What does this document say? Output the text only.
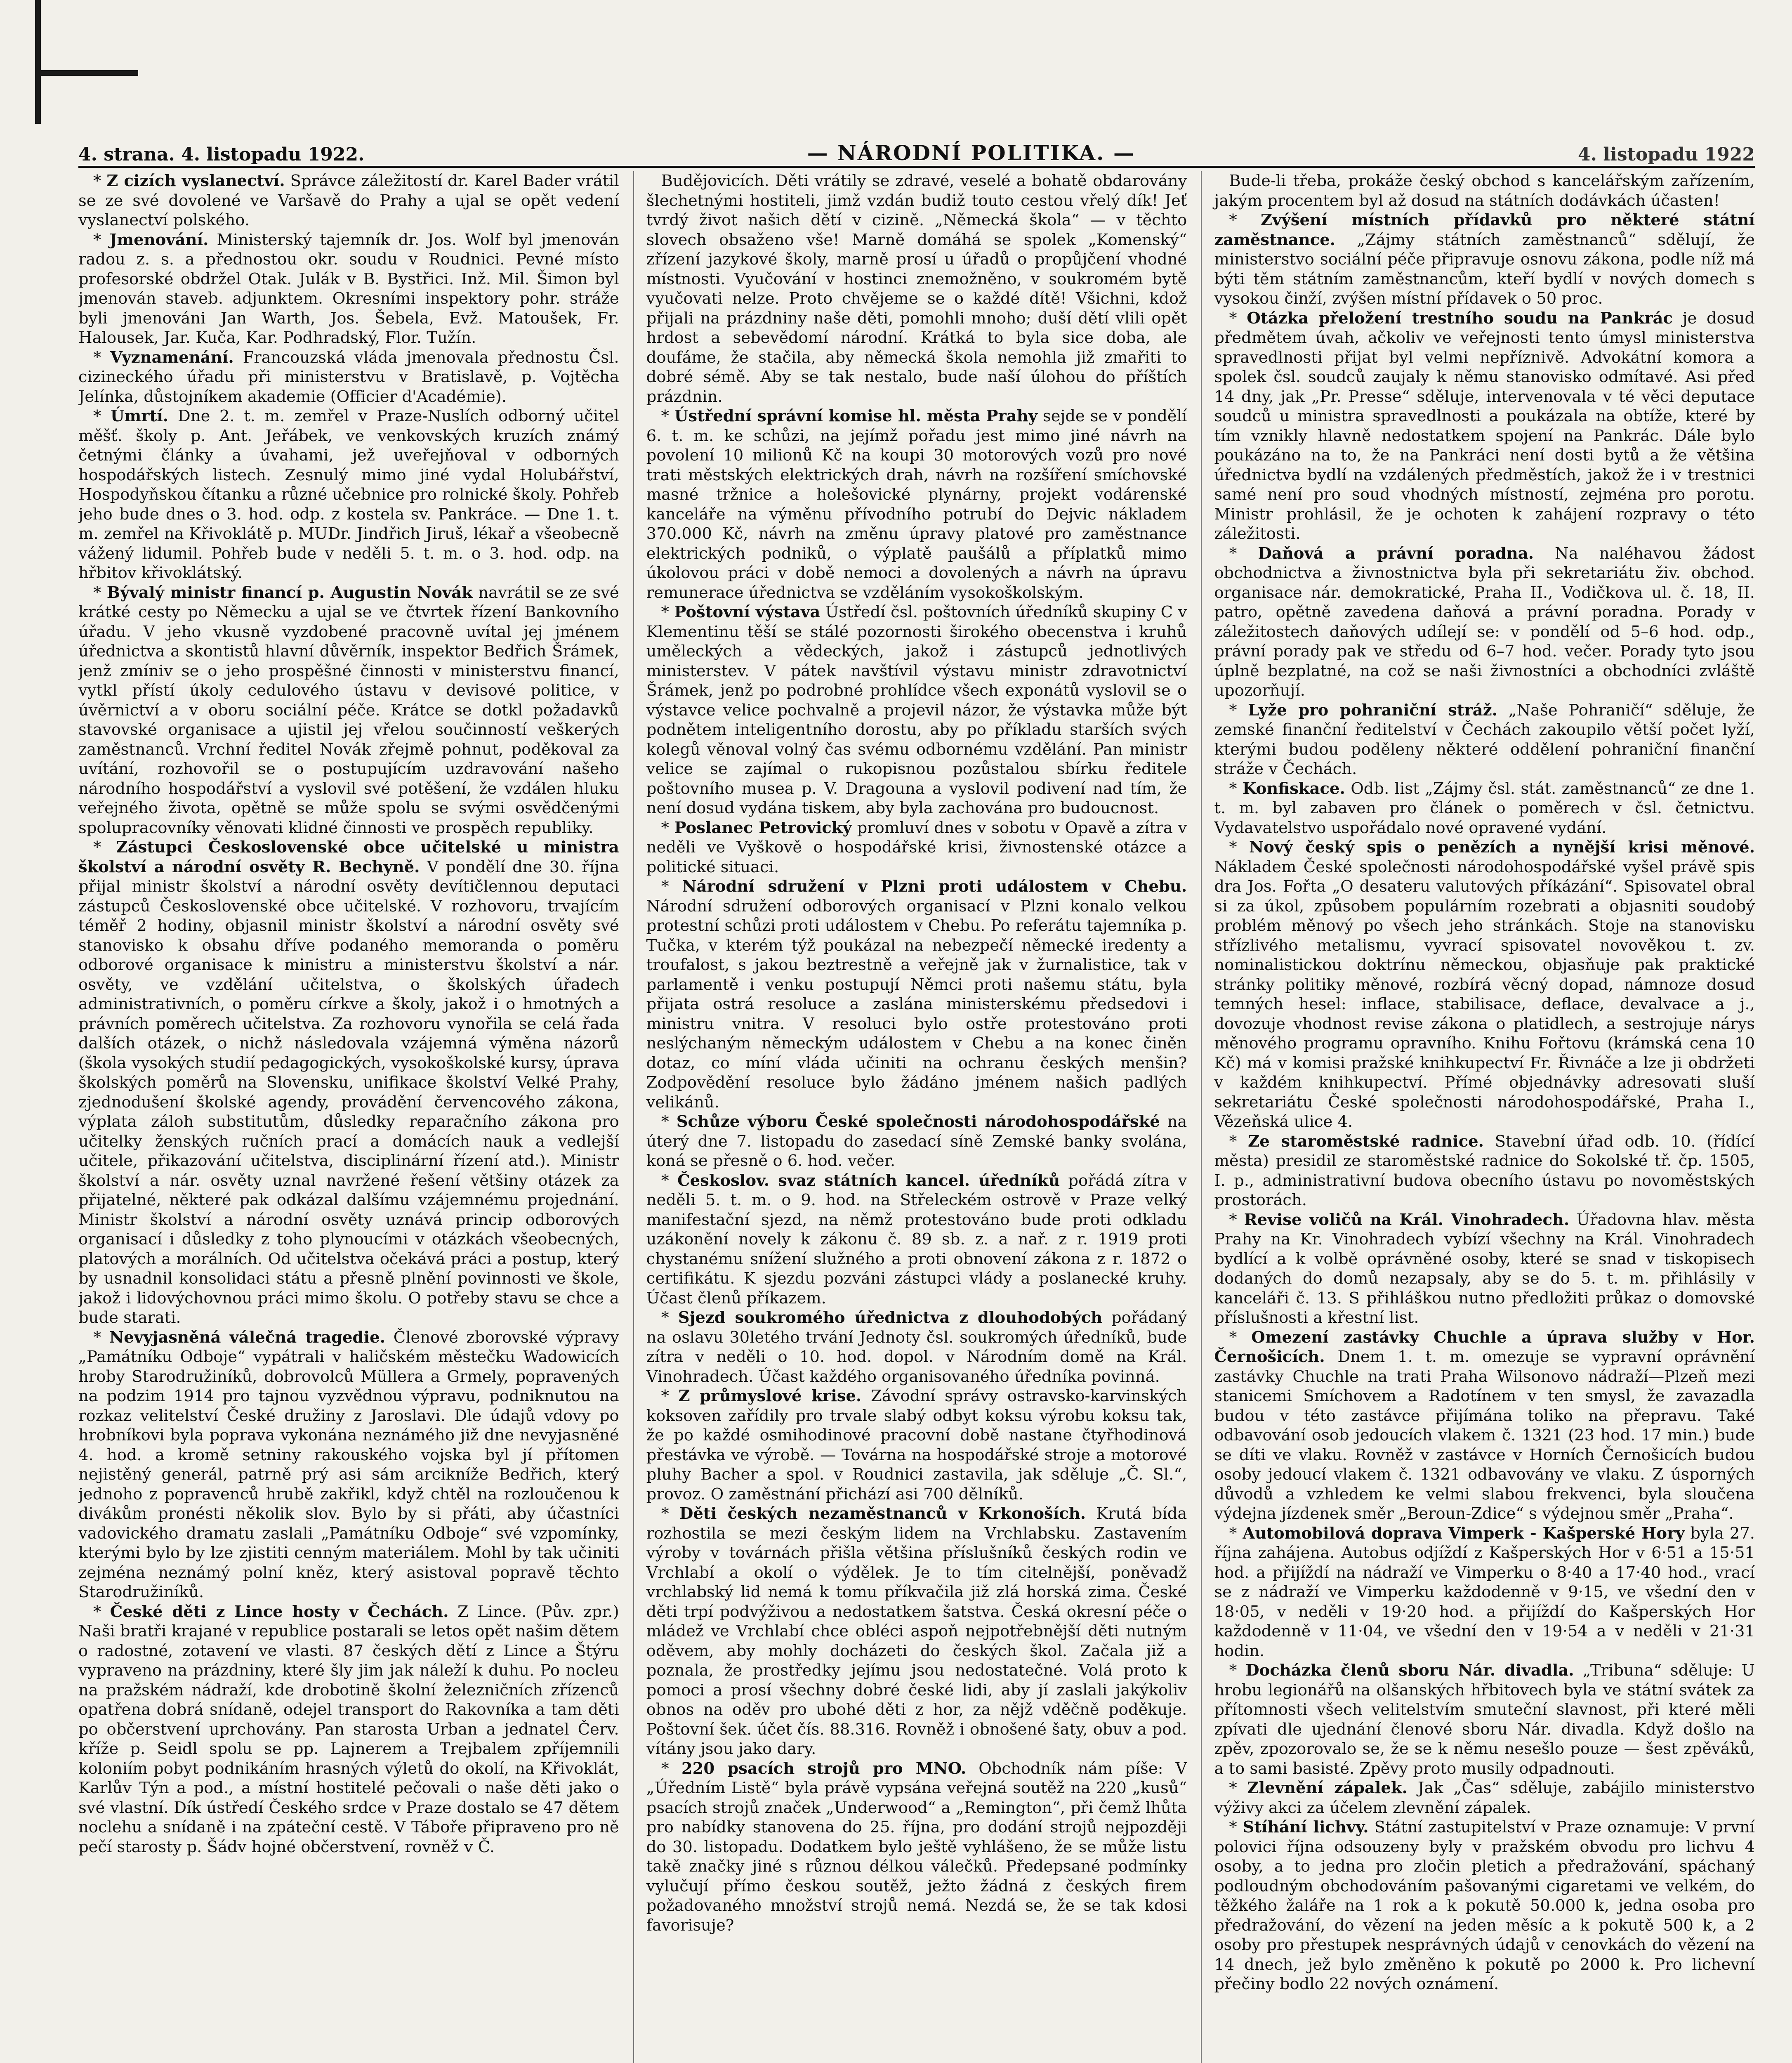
4. strana. 4. listopadu 1922.	— NÁRODNÍ POLITIKA. —	4. listopadu 1922

* Z cizích vyslanectví. Správce záležitostí dr. Karel Bader vrátil se ze své dovolené ve Varšavě do Prahy a ujal se opět vedení vyslanectví polského.

* Jmenování. Ministerský tajemník dr. Jos. Wolf byl jmenován radou z. s. a přednostou okr. soudu v Roudnici. Pevné místo profesorské obdržel Otak. Julák v B. Bystřici. Inž. Mil. Šimon byl jmenován staveb. adjunktem. Okresními inspektory pohr. stráže byli jmenováni Jan Warth, Jos. Šebela, Evž. Matoušek, Fr. Halousek, Jar. Kuča, Kar. Podhradský, Flor. Tužín.

* Vyznamenání. Francouzská vláda jmenovala přednostu Čsl. cizineckého úřadu při ministerstvu v Bratislavě, p. Vojtěcha Jelínka, důstojníkem akademie (Officier d'Académie).

* Úmrtí. Dne 2. t. m. zemřel v Praze-Nuslích odborný učitel měšť. školy p. Ant. Jeřábek, ve venkovských kruzích známý četnými články a úvahami, jež uveřejňoval v odborných hospodářských listech. Zesnulý mimo jiné vydal Holubářství, Hospodyňskou čítanku a různé učebnice pro rolnické školy. Pohřeb jeho bude dnes o 3. hod. odp. z kostela sv. Pankráce. — Dne 1. t. m. zemřel na Křivoklátě p. MUDr. Jindřich Jiruš, lékař a všeobecně vážený lidumil. Pohřeb bude v neděli 5. t. m. o 3. hod. odp. na hřbitov křivoklátský.

* Bývalý ministr financí p. Augustin Novák navrátil se ze své krátké cesty po Německu a ujal se ve čtvrtek řízení Bankovního úřadu. V jeho vkusně vyzdobené pracovně uvítal jej jménem úřednictva a skontistů hlavní důvěrník, inspektor Bedřich Šrámek, jenž zmíniv se o jeho prospěšné činnosti v ministerstvu financí, vytkl přístí úkoly cedulového ústavu v devisové politice, v úvěrnictví a v oboru sociální péče. Krátce se dotkl požadavků stavovské organisace a ujistil jej vřelou součinností veškerých zaměstnanců. Vrchní ředitel Novák zřejmě pohnut, poděkoval za uvítání, rozhovořil se o postupujícím uzdravování našeho národního hospodářství a vyslovil své potěšení, že vzdálen hluku veřejného života, opětně se může spolu se svými osvědčenými spolupracovníky věnovati klidné činnosti ve prospěch republiky.

* Zástupci Československé obce učitelské u ministra školství a národní osvěty R. Bechyně. V pondělí dne 30. října přijal ministr školství a národní osvěty devítičlennou deputaci zástupců Československé obce učitelské. V rozhovoru, trvajícím téměř 2 hodiny, objasnil ministr školství a národní osvěty své stanovisko k obsahu dříve podaného memoranda o poměru odborové organisace k ministru a ministerstvu školství a nár. osvěty, ve vzdělání učitelstva, o školských úřadech administrativních, o poměru církve a školy, jakož i o hmotných a právních poměrech učitelstva. Za rozhovoru vynořila se celá řada dalších otázek, o nichž následovala vzájemná výměna názorů (škola vysokých studií pedagogických, vysokoškolské kursy, úprava školských poměrů na Slovensku, unifikace školství Velké Prahy, zjednodušení školské agendy, provádění červencového zákona, výplata záloh substitutům, důsledky reparačního zákona pro učitelky ženských ručních prací a domácích nauk a vedlejší učitele, přikazování učitelstva, disciplinární řízení atd.). Ministr školství a nár. osvěty uznal navržené řešení většiny otázek za přijatelné, některé pak odkázal dalšímu vzájemnému projednání. Ministr školství a národní osvěty uznává princip odborových organisací i důsledky z toho plynoucími v otázkách všeobecných, platových a morálních. Od učitelstva očekává práci a postup, který by usnadnil konsolidaci státu a přesně plnění povinnosti ve škole, jakož i lidovýchovnou práci mimo školu. O potřeby stavu se chce a bude starati.

* Nevyjasněná válečná tragedie. Členové zborovské výpravy „Památníku Odboje“ vypátrali v haličském městečku Wadowicích hroby Starodružiníků, dobrovolců Müllera a Grmely, popravených na podzim 1914 pro tajnou vyzvědnou výpravu, podniknutou na rozkaz velitelství České družiny z Jaroslavi. Dle údajů vdovy po hrobníkovi byla poprava vykonána neznámého již dne nevyjasněné 4. hod. a kromě setniny rakouského vojska byl jí přítomen nejistěný generál, patrně prý asi sám arcikníže Bedřich, který jednoho z popravenců hrubě zakřikl, když chtěl na rozloučenou k divákům pronésti několik slov. Bylo by si přáti, aby účastníci vadovického dramatu zaslali „Památníku Odboje“ své vzpomínky, kterými bylo by lze zjistiti cenným materiálem. Mohl by tak učiniti zejména neznámý polní kněz, který asistoval popravě těchto Starodružiníků.

* České děti z Lince hosty v Čechách. Z Lince. (Pův. zpr.) Naši bratři krajané v republice postarali se letos opět našim dětem o radostné, zotavení ve vlasti. 87 českých dětí z Lince a Štýru vypraveno na prázdniny, které šly jim jak náleží k duhu. Po nocleu na pražském nádraží, kde drobotině školní železničních zřízenců opatřena dobrá snídaně, odejel transport do Rakovníka a tam děti po občerstvení uprchovány. Pan starosta Urban a jednatel Červ. kříže p. Seidl spolu se pp. Lajnerem a Trejbalem zpříjemnili koloniím pobyt podnikáním hrasných výletů do okolí, na Křivoklát, Karlův Týn a pod., a místní hostitelé pečovali o naše děti jako o své vlastní. Dík ústředí Českého srdce v Praze dostalo se 47 dětem noclehu a snídaně i na zpáteční cestě. V Táboře připraveno pro ně pečí starosty p. Šádv hojné občerstvení, rovněž v Č.

Budějovicích. Děti vrátily se zdravé, veselé a bohatě obdarovány šlechetnými hostiteli, jimž vzdán budiž touto cestou vřelý dík! Jeť tvrdý život našich dětí v cizině. „Německá škola“ — v těchto slovech obsaženo vše! Marně domáhá se spolek „Komenský“ zřízení jazykové školy, marně prosí u úřadů o propůjčení vhodné místnosti. Vyučování v hostinci znemožněno, v soukromém bytě vyučovati nelze. Proto chvějeme se o každé dítě! Všichni, kdož přijali na prázdniny naše děti, pomohli mnoho; duší dětí vlili opět hrdost a sebevědomí národní. Krátká to byla sice doba, ale doufáme, že stačila, aby německá škola nemohla již zmařiti to dobré sémě. Aby se tak nestalo, bude naší úlohou do příštích prázdnin.

* Ústřední správní komise hl. města Prahy sejde se v pondělí 6. t. m. ke schůzi, na jejímž pořadu jest mimo jiné návrh na povolení 10 milionů Kč na koupi 30 motorových vozů pro nové trati městských elektrických drah, návrh na rozšíření smíchovské masné tržnice a holešovické plynárny, projekt vodárenské kanceláře na výměnu přívodního potrubí do Dejvic nákladem 370.000 Kč, návrh na změnu úpravy platové pro zaměstnance elektrických podniků, o výplatě paušálů a příplatků mimo úkolovou práci v době nemoci a dovolených a návrh na úpravu remunerace úřednictva se vzděláním vysokoškolským.

* Poštovní výstava Ústředí čsl. poštovních úředníků skupiny C v Klementinu těší se stálé pozornosti širokého obecenstva i kruhů uměleckých a vědeckých, jakož i zástupců jednotlivých ministerstev. V pátek navštívil výstavu ministr zdravotnictví Šrámek, jenž po podrobné prohlídce všech exponátů vyslovil se o výstavce velice pochvalně a projevil názor, že výstavka může být podnětem inteligentního dorostu, aby po příkladu starších svých kolegů věnoval volný čas svému odbornému vzdělání. Pan ministr velice se zajímal o rukopisnou pozůstalou sbírku ředitele poštovního musea p. V. Dragouna a vyslovil podivení nad tím, že není dosud vydána tiskem, aby byla zachována pro budoucnost.

* Poslanec Petrovický promluví dnes v sobotu v Opavě a zítra v neděli ve Vyškově o hospodářské krisi, živnostenské otázce a politické situaci.

* Národní sdružení v Plzni proti událostem v Chebu. Národní sdružení odborových organisací v Plzni konalo velkou protestní schůzi proti událostem v Chebu. Po referátu tajemníka p. Tučka, v kterém týž poukázal na nebezpečí německé iredenty a troufalost, s jakou beztrestně a veřejně jak v žurnalistice, tak v parlamentě i venku postupují Němci proti našemu státu, byla přijata ostrá resoluce a zaslána ministerskému předsedovi i ministru vnitra. V resoluci bylo ostře protestováno proti neslýchaným německým událostem v Chebu a na konec činěn dotaz, co míní vláda učiniti na ochranu českých menšin? Zodpovědění resoluce bylo žádáno jménem našich padlých velikánů.

* Schůze výboru České společnosti národohospodářské na úterý dne 7. listopadu do zasedací síně Zemské banky svolána, koná se přesně o 6. hod. večer.

* Českoslov. svaz státních kancel. úředníků pořádá zítra v neděli 5. t. m. o 9. hod. na Střeleckém ostrově v Praze velký manifestační sjezd, na němž protestováno bude proti odkladu uzákonění novely k zákonu č. 89 sb. z. a nař. z r. 1919 proti chystanému snížení služného a proti obnovení zákona z r. 1872 o certifikátu. K sjezdu pozváni zástupci vlády a poslanecké kruhy. Účast členů příkazem.

* Sjezd soukromého úřednictva z dlouhodobých pořádaný na oslavu 30letého trvání Jednoty čsl. soukromých úředníků, bude zítra v neděli o 10. hod. dopol. v Národním domě na Král. Vinohradech. Účast každého organisovaného úředníka povinná.

* Z průmyslové krise. Závodní správy ostravsko-karvinských koksoven zařídily pro trvale slabý odbyt koksu výrobu koksu tak, že po každé osmihodinové pracovní době nastane čtyřhodinová přestávka ve výrobě. — Továrna na hospodářské stroje a motorové pluhy Bacher a spol. v Roudnici zastavila, jak sděluje „Č. Sl.“, provoz. O zaměstnání přichází asi 700 dělníků.

* Děti českých nezaměstnanců v Krkonoších. Krutá bída rozhostila se mezi českým lidem na Vrchlabsku. Zastavením výroby v továrnách přišla většina příslušníků českých rodin ve Vrchlabí a okolí o výdělek. Je to tím citelnější, poněvadž vrchlabský lid nemá k tomu příkvačila již zlá horská zima. České děti trpí podvýživou a nedostatkem šatstva. Česká okresní péče o mládež ve Vrchlabí chce obléci aspoň nejpotřebnější děti nutným oděvem, aby mohly docházeti do českých škol. Začala již a poznala, že prostředky jejímu jsou nedostatečné. Volá proto k pomoci a prosí všechny dobré české lidi, aby jí zaslali jakýkoliv obnos na oděv pro ubohé děti z hor, za nějž vděčně poděkuje. Poštovní šek. účet čís. 88.316. Rovněž i obnošené šaty, obuv a pod. vítány jsou jako dary.

* 220 psacích strojů pro MNO. Obchodník nám píše: V „Úředním Listě“ byla právě vypsána veřejná soutěž na 220 „kusů“ psacích strojů značek „Underwood“ a „Remington“, při čemž lhůta pro nabídky stanovena do 25. října, pro dodání strojů nejpozději do 30. listopadu. Dodatkem bylo ještě vyhlášeno, že se může listu takě značky jiné s různou délkou válečků. Předepsané podmínky vylučují přímo českou soutěž, ježto žádná z českých firem požadovaného množství strojů nemá. Nezdá se, že se tak kdosi favorisuje?

Bude-li třeba, prokáže český obchod s kancelářským zařízením, jakým procentem byl až dosud na státních dodávkách účasten!

* Zvýšení místních přídavků pro některé státní zaměstnance. „Zájmy státních zaměstnanců“ sdělují, že ministerstvo sociální péče připravuje osnovu zákona, podle níž má býti těm státním zaměstnancům, kteří bydlí v nových domech s vysokou činží, zvýšen místní přídavek o 50 proc.

* Otázka přeložení trestního soudu na Pankrác je dosud předmětem úvah, ačkoliv ve veřejnosti tento úmysl ministerstva spravedlnosti přijat byl velmi nepříznivě. Advokátní komora a spolek čsl. soudců zaujaly k němu stanovisko odmítavé. Asi před 14 dny, jak „Pr. Presse“ sděluje, intervenovala v té věci deputace soudců u ministra spravedlnosti a poukázala na obtíže, které by tím vznikly hlavně nedostatkem spojení na Pankrác. Dále bylo poukázáno na to, že na Pankráci není dosti bytů a že většina úřednictva bydlí na vzdálených předměstích, jakož že i v trestnici samé není pro soud vhodných místností, zejména pro porotu. Ministr prohlásil, že je ochoten k zahájení rozpravy o této záležitosti.

* Daňová a právní poradna. Na naléhavou žádost obchodnictva a živnostnictva byla při sekretariátu živ. obchod. organisace nár. demokratické, Praha II., Vodičkova ul. č. 18, II. patro, opětně zavedena daňová a právní poradna. Porady v záležitostech daňových udílejí se: v pondělí od 5–6 hod. odp., právní porady pak ve středu od 6–7 hod. večer. Porady tyto jsou úplně bezplatné, na což se naši živnostníci a obchodníci zvláště upozorňují.

* Lyže pro pohraniční stráž. „Naše Pohraničí“ sděluje, že zemské finanční ředitelství v Čechách zakoupilo větší počet lyží, kterými budou poděleny některé oddělení pohraniční finanční stráže v Čechách.

* Konfiskace. Odb. list „Zájmy čsl. stát. zaměstnanců“ ze dne 1. t. m. byl zabaven pro článek o poměrech v čsl. četnictvu. Vydavatelstvo uspořádalo nové opravené vydání.

* Nový český spis o penězích a nynější krisi měnové. Nákladem České společnosti národohospodářské vyšel právě spis dra Jos. Fořta „O desateru valutových příkázání“. Spisovatel obral si za úkol, způsobem populárním rozebrati a objasniti soudobý problém měnový po všech jeho stránkách. Stoje na stanovisku střízlivého metalismu, vyvrací spisovatel novověkou t. zv. nominalistickou doktrínu německou, objasňuje pak praktické stránky politiky měnové, rozbírá věcný dopad, námnoze dosud temných hesel: inflace, stabilisace, deflace, devalvace a j., dovozuje vhodnost revise zákona o platidlech, a sestrojuje nárys měnového programu opravního. Knihu Fořtovu (krámská cena 10 Kč) má v komisi pražské knihkupectví Fr. Řivnáče a lze ji obdržeti v každém knihkupectví. Přímé objednávky adresovati sluší sekretariátu České společnosti národohospodářské, Praha I., Vězeňská ulice 4.

* Ze staroměstské radnice. Stavební úřad odb. 10. (řídící města) presidil ze staroměstské radnice do Sokolské tř. čp. 1505, I. p., administrativní budova obecního ústavu po novoměstských prostorách.

* Revise voličů na Král. Vinohradech. Úřadovna hlav. města Prahy na Kr. Vinohradech vybízí všechny na Král. Vinohradech bydlící a k volbě oprávněné osoby, které se snad v tiskopisech dodaných do domů nezapsaly, aby se do 5. t. m. přihlásily v kanceláři č. 13. S přihláškou nutno předložiti průkaz o domovské příslušnosti a křestní list.

* Omezení zastávky Chuchle a úprava služby v Hor. Černošicích. Dnem 1. t. m. omezuje se vypravní oprávnění zastávky Chuchle na trati Praha Wilsonovo nádraží—Plzeň mezi stanicemi Smíchovem a Radotínem v ten smysl, že zavazadla budou v této zastávce přijímána toliko na přepravu. Také odbavování osob jedoucích vlakem č. 1321 (23 hod. 17 min.) bude se díti ve vlaku. Rovněž v zastávce v Horních Černošicích budou osoby jedoucí vlakem č. 1321 odbavovány ve vlaku. Z úsporných důvodů a vzhledem ke velmi slabou frekvenci, byla sloučena výdejna jízdenek směr „Beroun-Zdice“ s výdejnou směr „Praha“.

* Automobilová doprava Vimperk - Kašperské Hory byla 27. října zahájena. Autobus odjíždí z Kašperských Hor v 6·51 a 15·51 hod. a přijíždí na nádraží ve Vimperku o 8·40 a 17·40 hod., vrací se z nádraží ve Vimperku každodenně v 9·15, ve všední den v 18·05, v neděli v 19·20 hod. a přijíždí do Kašperských Hor každodenně v 11·04, ve všední den v 19·54 a v neděli v 21·31 hodin.

* Docházka členů sboru Nár. divadla. „Tribuna“ sděluje: U hrobu legionářů na olšanských hřbitovech byla ve státní svátek za přítomnosti všech velitelstvím smuteční slavnost, při které měli zpívati dle ujednání členové sboru Nár. divadla. Když došlo na zpěv, zpozorovalo se, že se k němu nesešlo pouze — šest zpěváků, a to sami basisté. Zpěvy proto musily odpadnouti.

* Zlevnění zápalek. Jak „Čas“ sděluje, zabájilo ministerstvo výživy akci za účelem zlevnění zápalek.

* Stíhání lichvy. Státní zastupitelství v Praze oznamuje: V první polovici října odsouzeny byly v pražském obvodu pro lichvu 4 osoby, a to jedna pro zločin pletich a předražování, spáchaný podloudným obchodováním pašovanými cigaretami ve velkém, do těžkého žaláře na 1 rok a k pokutě 50.000 k, jedna osoba pro předražování, do vězení na jeden měsíc a k pokutě 500 k, a 2 osoby pro přestupek nesprávných údajů v cenovkách do vězení na 14 dnech, jež bylo změněno k pokutě po 2000 k. Pro lichevní přečiny bodlo 22 nových oznámení.
